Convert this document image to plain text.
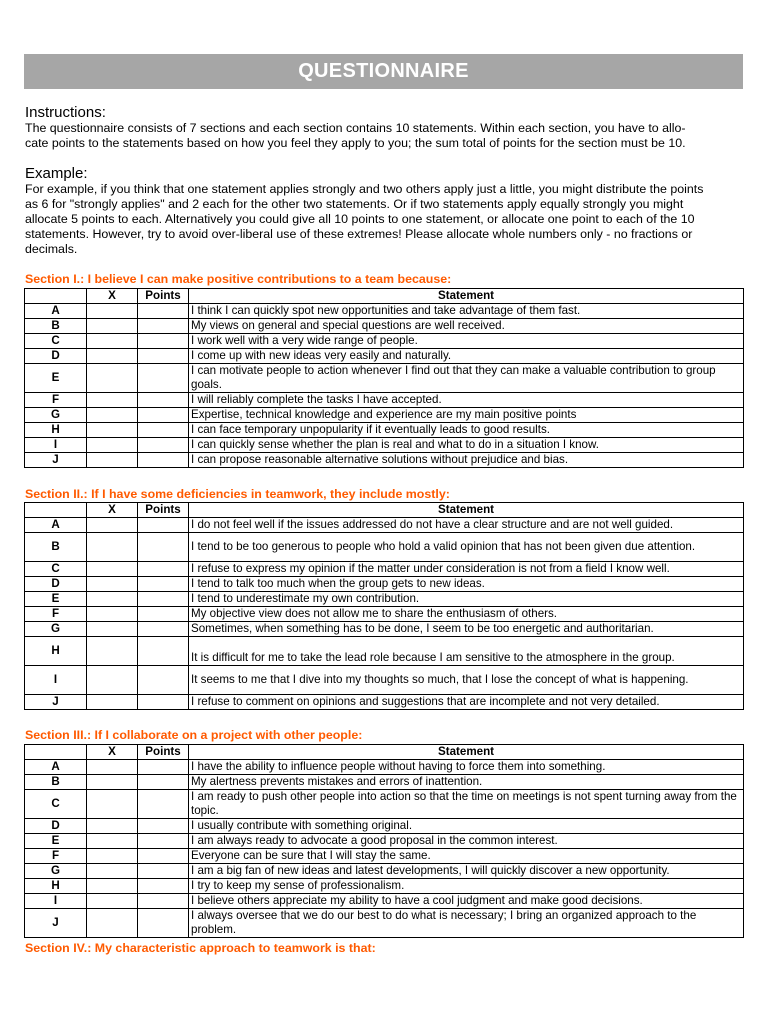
QUESTIONNAIRE
Instructions:
The questionnaire consists of 7 sections and each section contains 10 statements. Within each section, you have to allo-
cate points to the statements based on how you feel they apply to you; the sum total of points for the section must be 10.
Example:
For example, if you think that one statement applies strongly and two others apply just a little, you might distribute the points
as 6 for "strongly applies" and 2 each for the other two statements. Or if two statements apply equally strongly you might
allocate 5 points to each. Alternatively you could give all 10 points to one statement, or allocate one point to each of the 10
statements. However, try to avoid over-liberal use of these extremes! Please allocate whole numbers only - no fractions or
decimals.
Section I.: I believe I can make positive contributions to a team because:
	X	Points	Statement
A			I think I can quickly spot new opportunities and take advantage of them fast.
B			My views on general and special questions are well received.
C			I work well with a very wide range of people.
D			I come up with new ideas very easily and naturally.
E			I can motivate people to action whenever I find out that they can make a valuable contribution to group goals.
F			I will reliably complete the tasks I have accepted.
G			Expertise, technical knowledge and experience are my main positive points
H			I can face temporary unpopularity if it eventually leads to good results.
I			I can quickly sense whether the plan is real and what to do in a situation I know.
J			I can propose reasonable alternative solutions without prejudice and bias.
Section II.: If I have some deficiencies in teamwork, they include mostly:
	X	Points	Statement
A			I do not feel well if the issues addressed do not have a clear structure and are not well guided.
B			I tend to be too generous to people who hold a valid opinion that has not been given due attention.
C			I refuse to express my opinion if the matter under consideration is not from a field I know well.
D			I tend to talk too much when the group gets to new ideas.
E			I tend to underestimate my own contribution.
F			My objective view does not allow me to share the enthusiasm of others.
G			Sometimes, when something has to be done, I seem to be too energetic and authoritarian.
H			It is difficult for me to take the lead role because I am sensitive to the atmosphere in the group.
I			It seems to me that I dive into my thoughts so much, that I lose the concept of what is happening.
J			I refuse to comment on opinions and suggestions that are incomplete and not very detailed.
Section III.: If I collaborate on a project with other people:
	X	Points	Statement
A			I have the ability to influence people without having to force them into something.
B			My alertness prevents mistakes and errors of inattention.
C			I am ready to push other people into action so that the time on meetings is not spent turning away from the topic.
D			I usually contribute with something original.
E			I am always ready to advocate a good proposal in the common interest.
F			Everyone can be sure that I will stay the same.
G			I am a big fan of new ideas and latest developments, I will quickly discover a new opportunity.
H			I try to keep my sense of professionalism.
I			I believe others appreciate my ability to have a cool judgment and make good decisions.
J			I always oversee that we do our best to do what is necessary; I bring an organized approach to the problem.
Section IV.: My characteristic approach to teamwork is that:
